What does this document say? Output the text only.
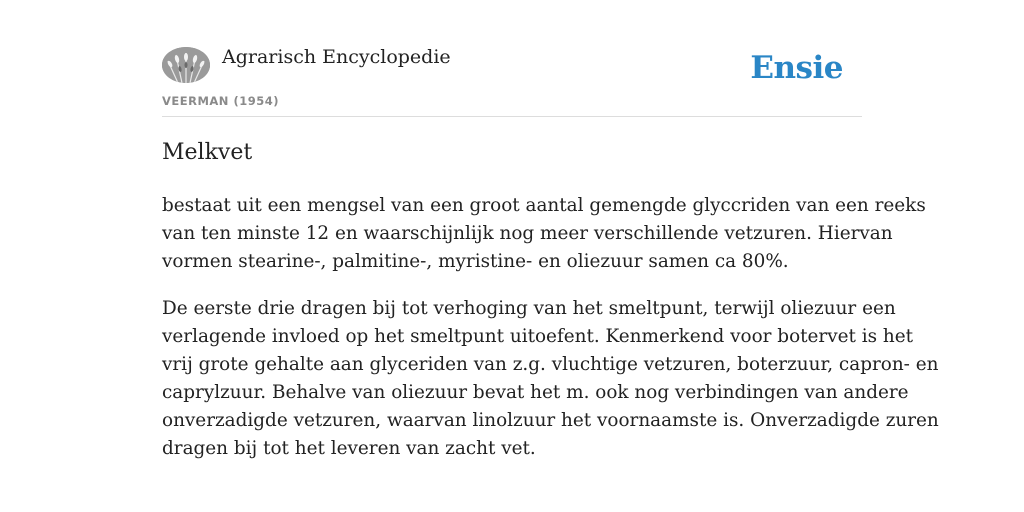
Agrarisch Encyclopedie
VEERMAN (1954)
Ensie
Melkvet

bestaat uit een mengsel van een groot aantal gemengde glyccriden van een reeks
van ten minste 12 en waarschijnlijk nog meer verschillende vetzuren. Hiervan
vormen stearine-, palmitine-, myristine- en oliezuur samen ca 80%.

De eerste drie dragen bij tot verhoging van het smeltpunt, terwijl oliezuur een
verlagende invloed op het smeltpunt uitoefent. Kenmerkend voor botervet is het
vrij grote gehalte aan glyceriden van z.g. vluchtige vetzuren, boterzuur, capron- en
caprylzuur. Behalve van oliezuur bevat het m. ook nog verbindingen van andere
onverzadigde vetzuren, waarvan linolzuur het voornaamste is. Onverzadigde zuren
dragen bij tot het leveren van zacht vet.
